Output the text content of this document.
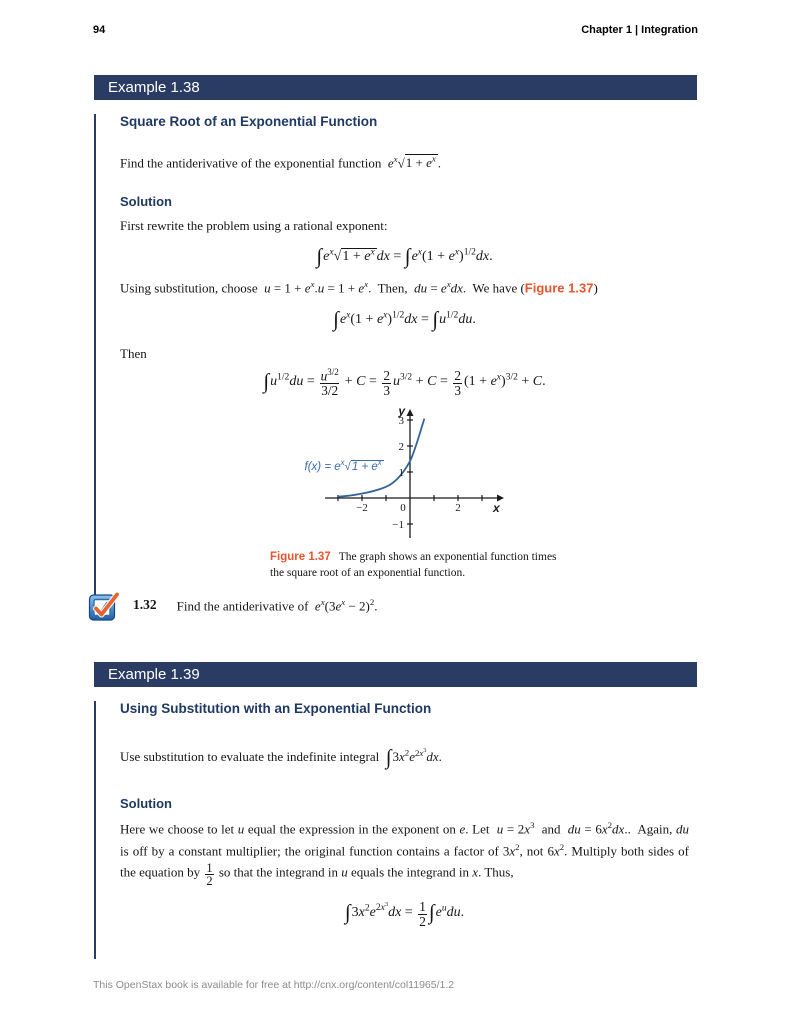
94	Chapter 1 | Integration
Example 1.38
Square Root of an Exponential Function

Find the antiderivative of the exponential function  $e^x√1 + e^x$ .

Solution

First rewrite the problem using a rational exponent:

$\int e^x√1 + e^x$ dx = $\int e^x(1 + e^x)^{1/2}dx$.

Using substitution, choose  $u = 1 + e^x.u = 1 + e^x$.  Then,  du = $e^xdx$.  We have (Figure 1.37)

$\int e^x(1 + e^x)^{1/2}dx = \int u^{1/2}du$.

Then

$\int u^{1/2}du = \frac{u^{3/2}}{3/2} + C = \frac{2}{3} u^{3/2} + C = \frac{2}{3} (1 + e^x)^{3/2} + C$.
−2	0	2
3
2
1
−1
x
y
$f(x) = e^x√1 + e^x$
Figure 1.37 The graph shows an exponential function times the square root of an exponential function.
1.32 Find the antiderivative of  $e^x(3e^x - 2)^2$.
Example 1.39
Using Substitution with an Exponential Function

Use substitution to evaluate the indefinite integral  $\int 3x^2e^{2x^3}dx$.

Solution

Here we choose to let u equal the expression in the exponent on e. Let  $u = 2x^3$  and  du = $6x^2dx$..  Again, du is off by a constant multiplier; the original function contains a factor of $3x^2$, not $6x^2$. Multiply both sides of the equation by $\frac{1}{2}$ so that the integrand in u equals the integrand in x. Thus,

$\int 3x^2e^{2x^3}dx = \frac{1}{2} \int e^udu$.
This OpenStax book is available for free at http://cnx.org/content/col11965/1.2
